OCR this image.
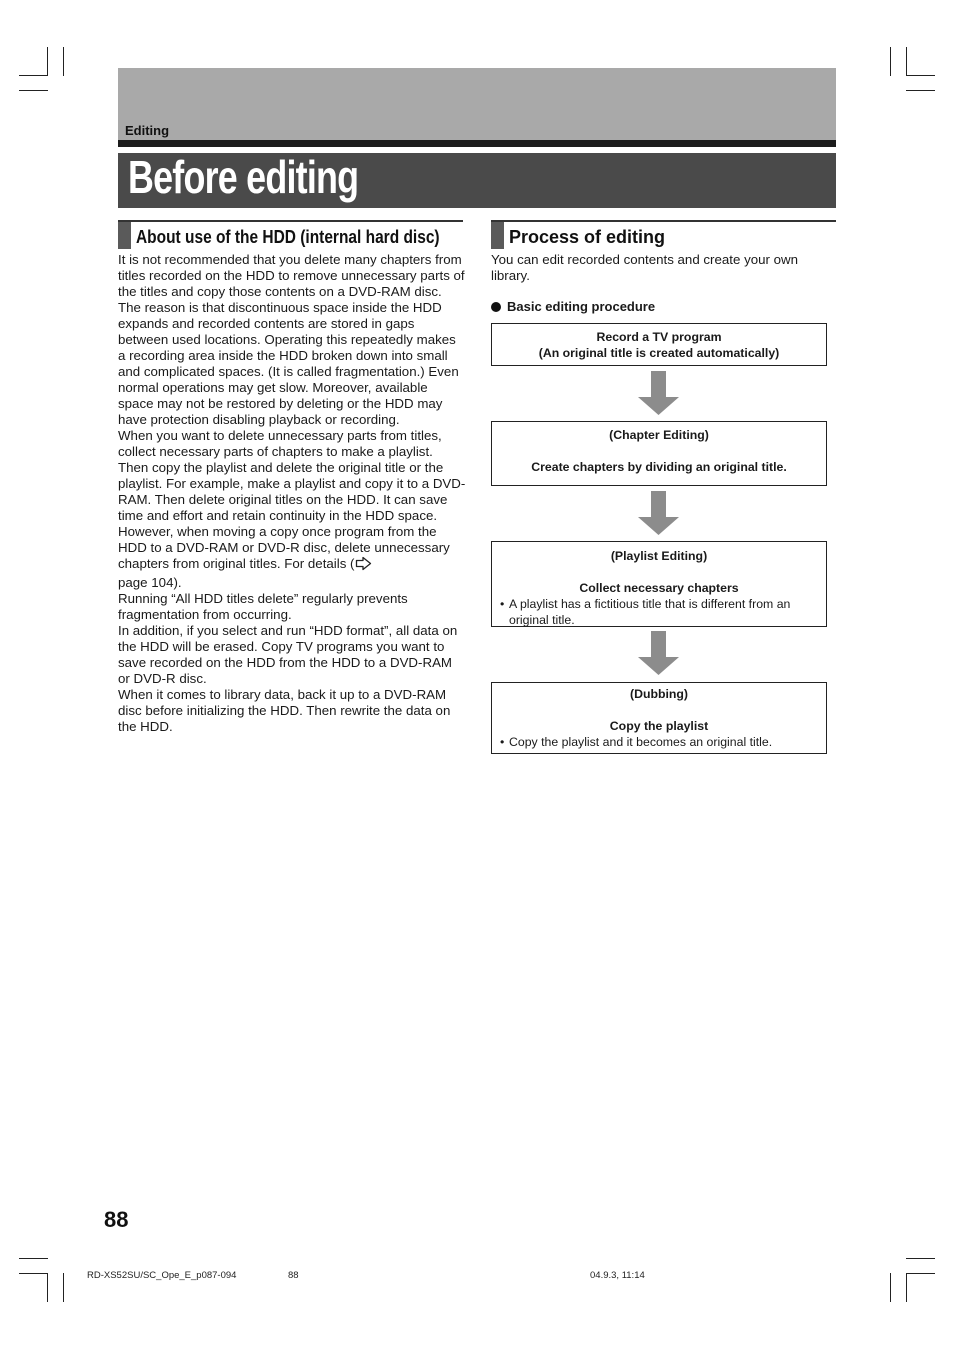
Editing
Before editing
About use of the HDD (internal hard disc)

It is not recommended that you delete many chapters from titles recorded on the HDD to remove unnecessary parts of the titles and copy those contents on a DVD-RAM disc. The reason is that discontinuous space inside the HDD expands and recorded contents are stored in gaps between used locations. Operating this repeatedly makes a recording area inside the HDD broken down into small and complicated spaces. (It is called fragmentation.) Even normal operations may get slow. Moreover, available space may not be restored by deleting or the HDD may have protection disabling playback or recording.

When you want to delete unnecessary parts from titles, collect necessary parts of chapters to make a playlist. Then copy the playlist and delete the original title or the playlist. For example, make a playlist and copy it to a DVD-RAM. Then delete original titles on the HDD. It can save time and effort and retain continuity in the HDD space. However, when moving a copy once program from the HDD to a DVD-RAM or DVD-R disc, delete unnecessary chapters from original titles. For details (
page 104).

Running “All HDD titles delete” regularly prevents fragmentation from occurring.

In addition, if you select and run “HDD format”, all data on the HDD will be erased. Copy TV programs you want to save recorded on the HDD from the HDD to a DVD-RAM or DVD-R disc.

When it comes to library data, back it up to a DVD-RAM disc before initializing the HDD. Then rewrite the data on the HDD.

Process of editing
You can edit recorded contents and create your own library.
Basic editing procedure
Record a TV program
(An original title is created automatically)
(Chapter Editing)
Create chapters by dividing an original title.
(Playlist Editing)
Collect necessary chapters
• A playlist has a fictitious title that is different from an original title.
(Dubbing)
Copy the playlist
• Copy the playlist and it becomes an original title.
88
RD-XS52SU/SC_Ope_E_p087-094	88	04.9.3, 11:14
